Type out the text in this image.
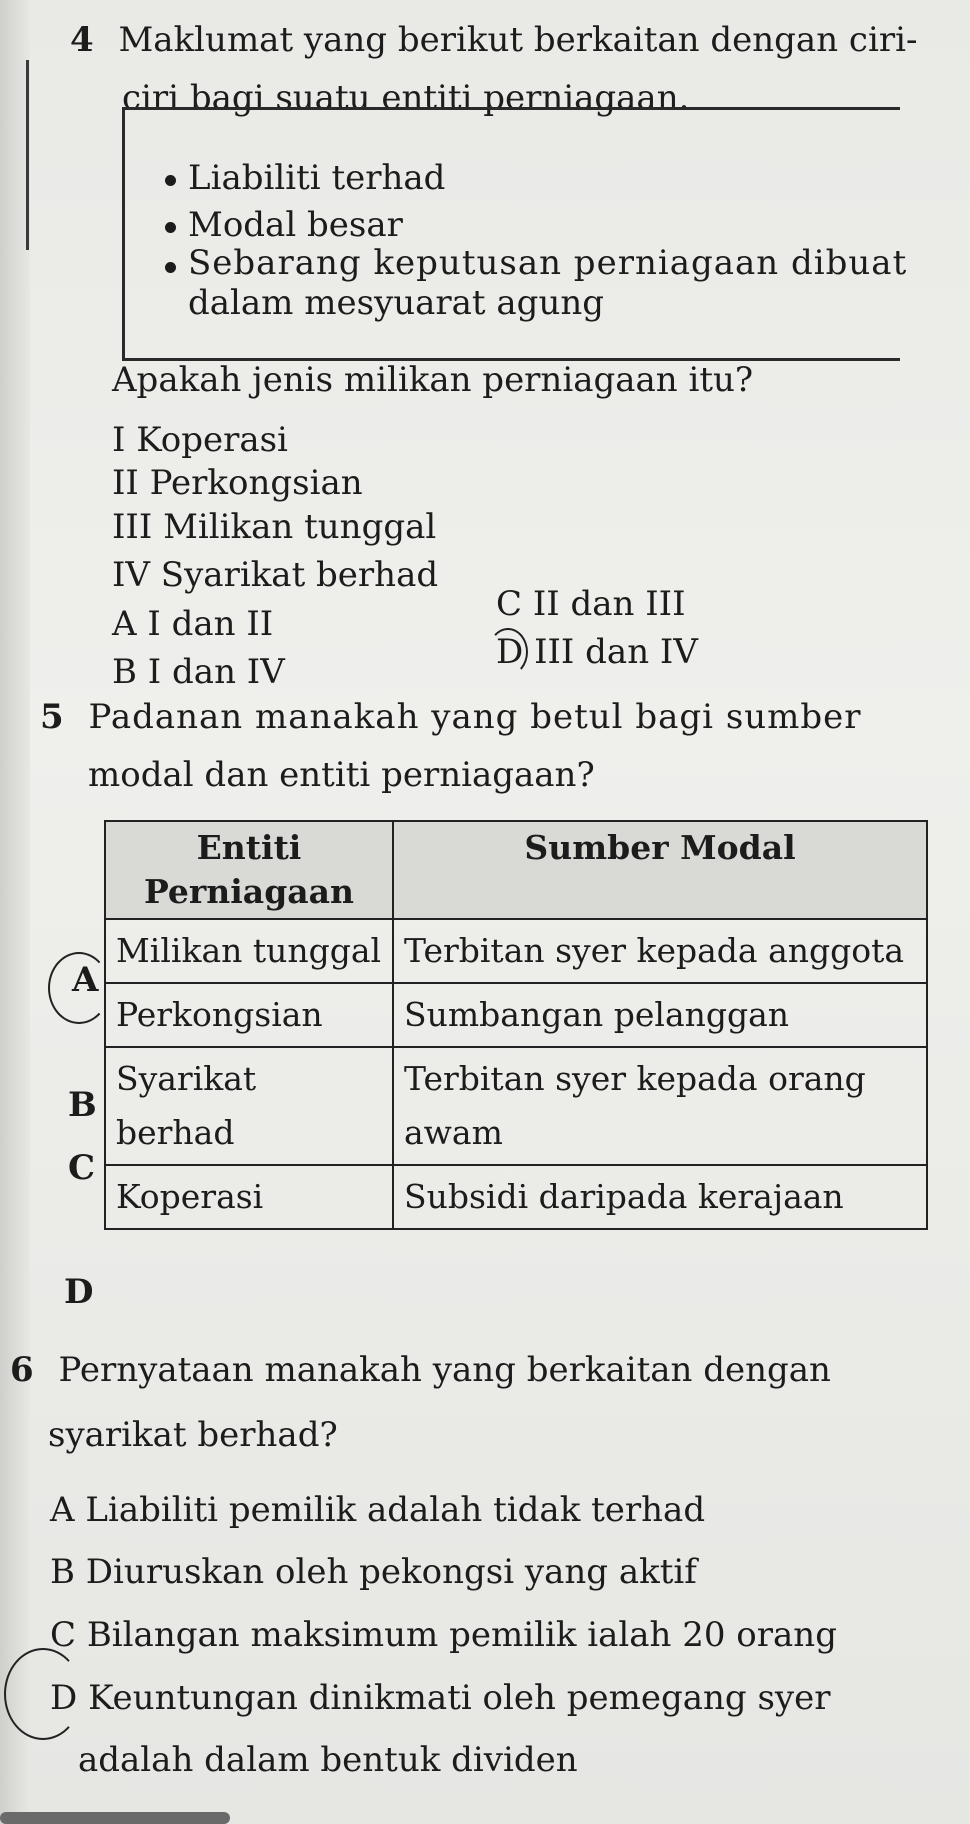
4 Maklumat yang berikut berkaitan dengan ciri-
ciri bagi suatu entiti perniagaan.
Liabiliti terhad
Modal besar
Sebarang keputusan perniagaan dibuat
dalam mesyuarat agung
Apakah jenis milikan perniagaan itu?
I Koperasi
II Perkongsian
III Milikan tunggal
IV Syarikat berhad
A I dan II	C II dan III
B I dan IV	D III dan IV
5 Padanan manakah yang betul bagi sumber
modal dan entiti perniagaan?
Entiti Perniagaan	Sumber Modal
Milikan tunggal	Terbitan syer kepada anggota
Perkongsian	Sumbangan pelanggan
Syarikat berhad	Terbitan syer kepada orang awam
Koperasi	Subsidi daripada kerajaan
A
B
C
D
6 Pernyataan manakah yang berkaitan dengan
syarikat berhad?
A Liabiliti pemilik adalah tidak terhad
B Diuruskan oleh pekongsi yang aktif
C Bilangan maksimum pemilik ialah 20 orang
D Keuntungan dinikmati oleh pemegang syer
adalah dalam bentuk dividen
